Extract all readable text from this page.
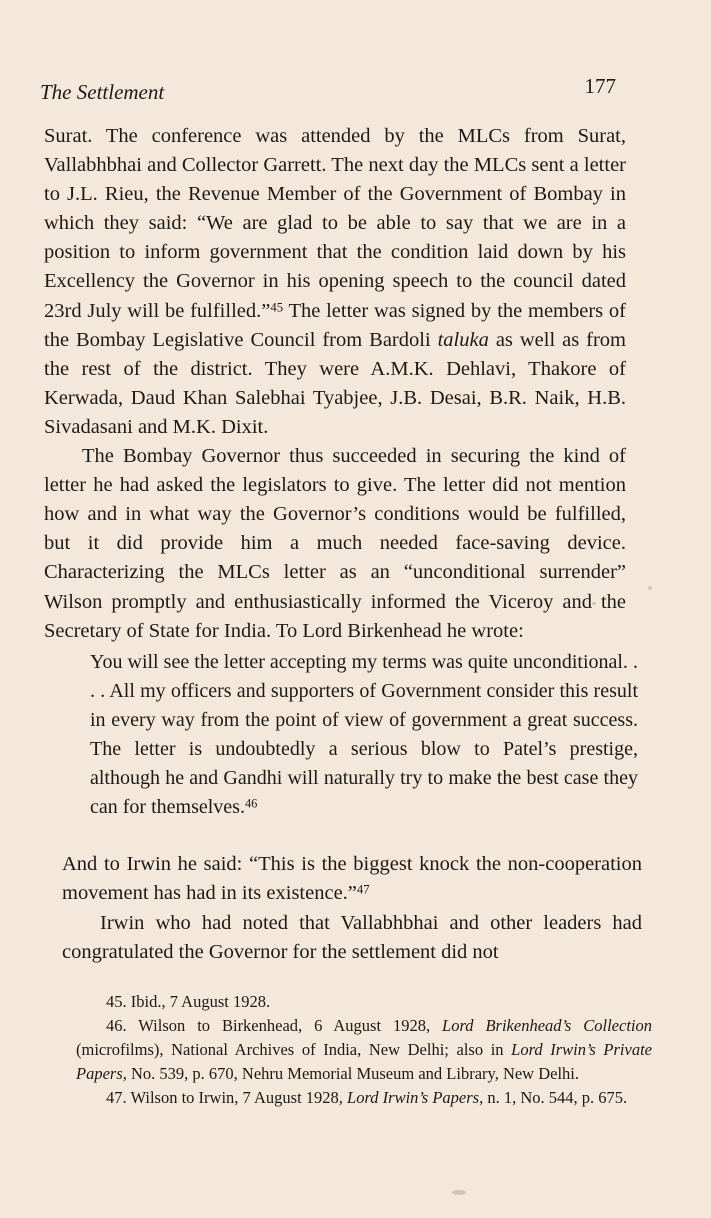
The Settlement	177

Surat. The conference was attended by the MLCs from Surat, Vallabhbhai and Collector Garrett. The next day the MLCs sent a letter to J.L. Rieu, the Revenue Member of the Government of Bombay in which they said: “We are glad to be able to say that we are in a position to inform government that the condition laid down by his Excellency the Governor in his opening speech to the council dated 23rd July will be fulfilled.”$^{45}$ The letter was signed by the members of the Bombay Legislative Council from Bardoli taluka as well as from the rest of the district. They were A.M.K. Dehlavi, Thakore of Kerwada, Daud Khan Salebhai Tyabjee, J.B. Desai, B.R. Naik, H.B. Sivadasani and M.K. Dixit.

The Bombay Governor thus succeeded in securing the kind of letter he had asked the legislators to give. The letter did not mention how and in what way the Governor’s conditions would be fulfilled, but it did provide him a much needed face-saving device. Characterizing the MLCs letter as an “unconditional surrender” Wilson promptly and enthusiastically informed the Viceroy and the Secretary of State for India. To Lord Birkenhead he wrote:

You will see the letter accepting my terms was quite unconditional. . . . All my officers and supporters of Government consider this result in every way from the point of view of government a great success. The letter is undoubtedly a serious blow to Patel’s prestige, although he and Gandhi will naturally try to make the best case they can for themselves.$^{46}$

And to Irwin he said: “This is the biggest knock the non-cooperation movement has had in its existence.”$^{47}$

Irwin who had noted that Vallabhbhai and other leaders had congratulated the Governor for the settlement did not

45. Ibid., 7 August 1928.

46. Wilson to Birkenhead, 6 August 1928, Lord Brikenhead’s Collection (microfilms), National Archives of India, New Delhi; also in Lord Irwin’s Private Papers, No. 539, p. 670, Nehru Memorial Museum and Library, New Delhi.

47. Wilson to Irwin, 7 August 1928, Lord Irwin’s Papers, n. 1, No. 544, p. 675.
